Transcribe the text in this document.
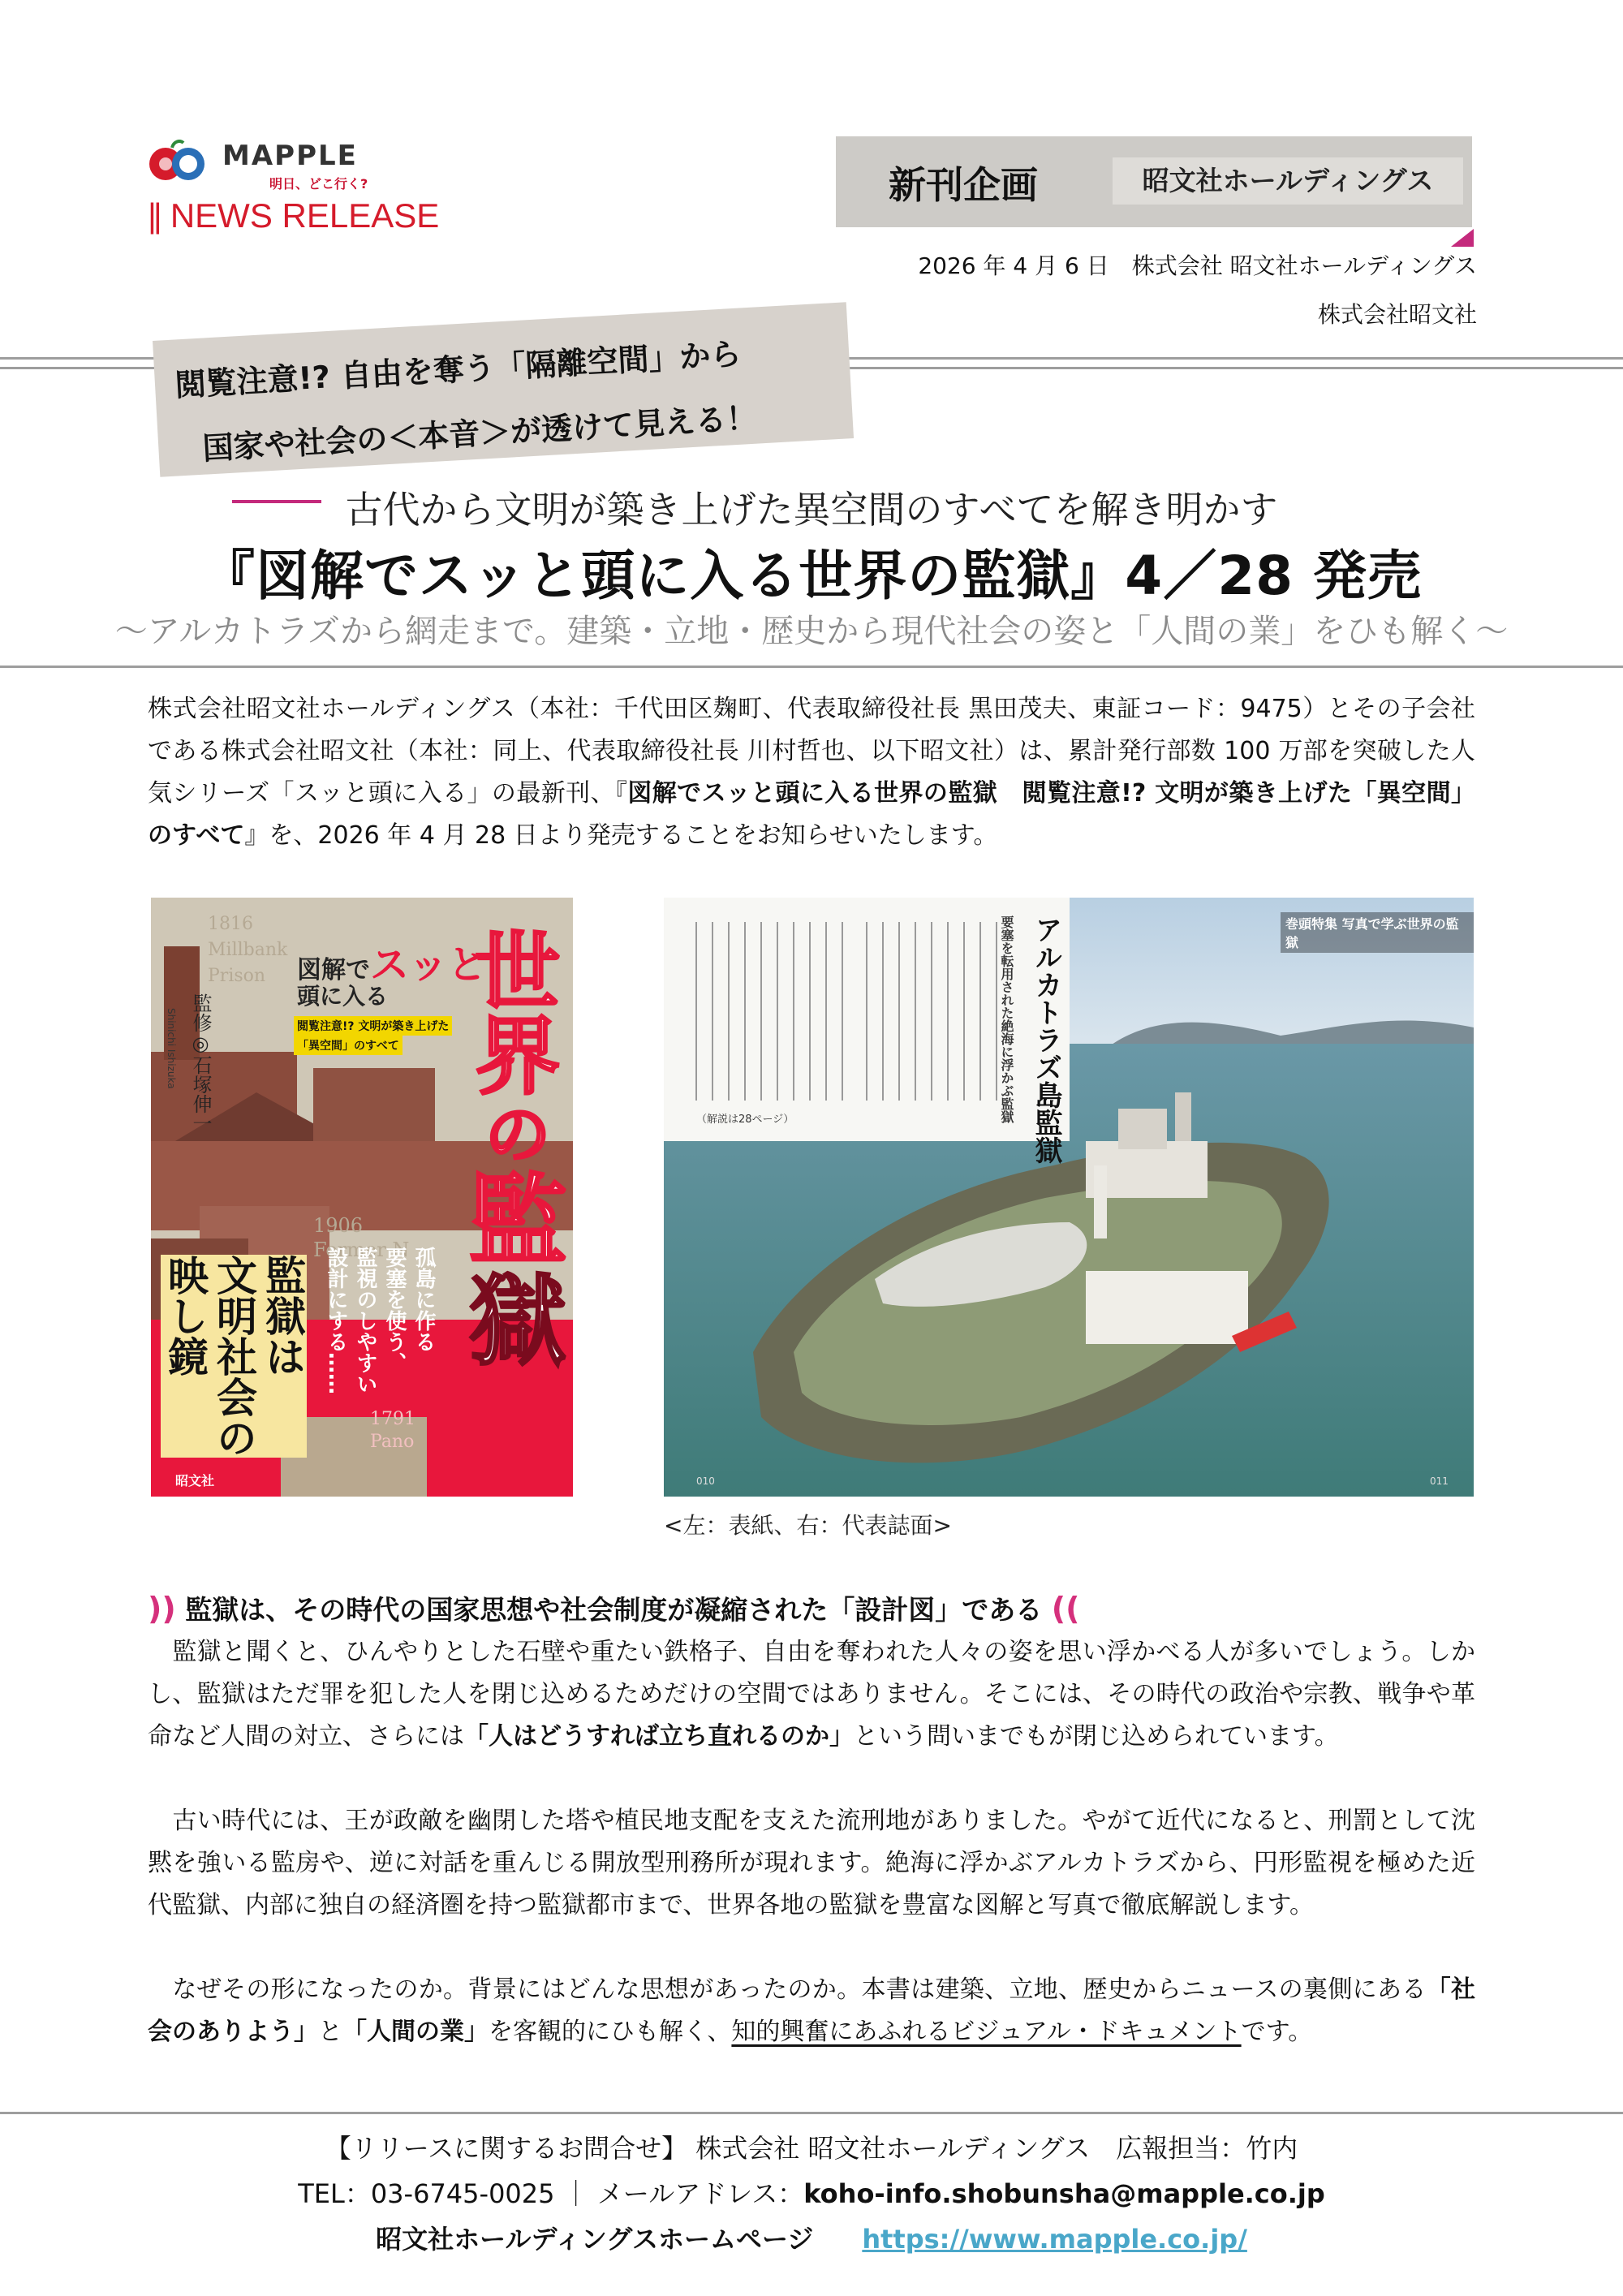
MAPPLE
明日、どこ行く?
|| NEWS RELEASE
新刊企画	昭文社ホールディングス
2026 年 4 月 6 日　株式会社 昭文社ホールディングス
株式会社昭文社
閲覧注意!? 自由を奪う「隔離空間」から
国家や社会の＜本音＞が透けて見える！
古代から文明が築き上げた異空間のすべてを解き明かす
『図解でスッと頭に入る世界の監獄』4／28 発売
～アルカトラズから網走まで。建築・立地・歴史から現代社会の姿と「人間の業」をひも解く～
株式会社昭文社ホールディングス（本社：千代田区麹町、代表取締役社長 黒田茂夫、東証コード：9475）とその子会社である株式会社昭文社（本社：同上、代表取締役社長 川村哲也、以下昭文社）は、累計発行部数 100 万部を突破した人気シリーズ「スッと頭に入る」の最新刊、『図解でスッと頭に入る世界の監獄　閲覧注意!? 文明が築き上げた「異空間」のすべて』を、2026 年 4 月 28 日より発売することをお知らせいたします。
図解でスッと
頭に入る
閲覧注意!? 文明が築き上げた
「異空間」のすべて
1816
Millbank
Prison
1906
Former N
1791
Pano
監修◎石塚伸一
Shinichi Ishizuka
世
界
の
監
獄
監獄は
文明社会の
映し鏡	孤島に作る
要塞を使う、
監視のしやすい
設計にする……
昭文社
アルカトラズ島監獄
要塞を転用された絶海に浮かぶ監獄	巻頭特集 写真で学ぶ世界の監獄
（解説は28ページ）
010	011
<左：表紙、右：代表誌面>
)) 監獄は、その時代の国家思想や社会制度が凝縮された「設計図」である ((
　監獄と聞くと、ひんやりとした石壁や重たい鉄格子、自由を奪われた人々の姿を思い浮かべる人が多いでしょう。しかし、監獄はただ罪を犯した人を閉じ込めるためだけの空間ではありません。そこには、その時代の政治や宗教、戦争や革命など人間の対立、さらには「人はどうすれば立ち直れるのか」という問いまでもが閉じ込められています。
　古い時代には、王が政敵を幽閉した塔や植民地支配を支えた流刑地がありました。やがて近代になると、刑罰として沈黙を強いる監房や、逆に対話を重んじる開放型刑務所が現れます。絶海に浮かぶアルカトラズから、円形監視を極めた近代監獄、内部に独自の経済圏を持つ監獄都市まで、世界各地の監獄を豊富な図解と写真で徹底解説します。
　なぜその形になったのか。背景にはどんな思想があったのか。本書は建築、立地、歴史からニュースの裏側にある「社会のありよう」と「人間の業」を客観的にひも解く、知的興奮にあふれるビジュアル・ドキュメントです。
【リリースに関するお問合せ】 株式会社 昭文社ホールディングス　広報担当：竹内
TEL：03-6745-0025 ｜ メールアドレス：koho-info.shobunsha@mapple.co.jp
昭文社ホールディングスホームページ https://www.mapple.co.jp/
